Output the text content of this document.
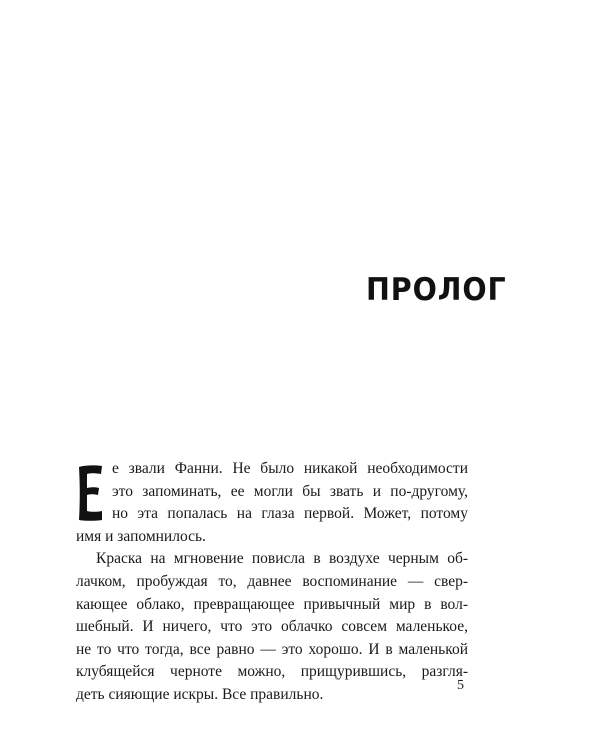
ПРОЛОГ
е звали Фанни. Не было никакой необходимости
это запоминать, ее могли бы звать и по-другому,
но эта попалась на глаза первой. Может, потому
имя и запомнилось.
Краска на мгновение повисла в воздухе черным об-
лачком, пробуждая то, давнее воспоминание — свер-
кающее облако, превращающее привычный мир в вол-
шебный. И ничего, что это облачко совсем маленькое,
не то что тогда, все равно — это хорошо. И в маленькой
клубящейся черноте можно, прищурившись, разгля-
деть сияющие искры. Все правильно.
5
